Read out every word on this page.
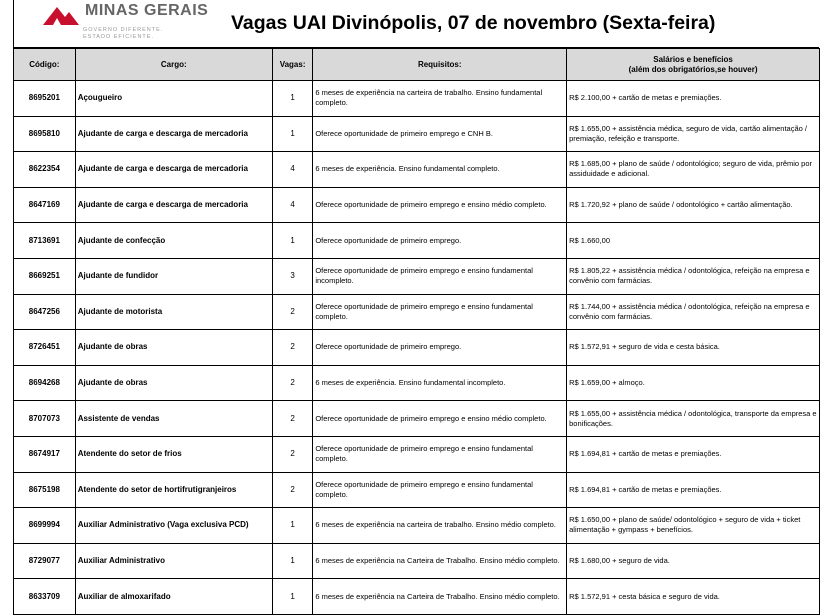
MINAS GERAIS
GOVERNO DIFERENTE.
ESTADO EFICIENTE.
Vagas UAI Divinópolis, 07 de novembro (Sexta-feira)
Código:	Cargo:	Vagas:	Requisitos:	Salários e benefícios
(além dos obrigatórios,se houver)
8695201	Açougueiro	1	6 meses de experiência na carteira de trabalho. Ensino fundamental completo.	R$ 2.100,00 + cartão de metas e premiações.
8695810	Ajudante de carga e descarga de mercadoria	1	Oferece oportunidade de primeiro emprego e CNH B.	R$ 1.655,00 + assistência médica, seguro de vida, cartão alimentação / premiação, refeição e transporte.
8622354	Ajudante de carga e descarga de mercadoria	4	6 meses de experiência. Ensino fundamental completo.	R$ 1.685,00 + plano de saúde / odontológico; seguro de vida, prêmio por assiduidade e adicional.
8647169	Ajudante de carga e descarga de mercadoria	4	Oferece oportunidade de primeiro emprego e ensino médio completo.	R$ 1.720,92 + plano de saúde / odontológico + cartão alimentação.
8713691	Ajudante de confecção	1	Oferece oportunidade de primeiro emprego.	R$ 1.660,00
8669251	Ajudante de fundidor	3	Oferece oportunidade de primeiro emprego e ensino fundamental incompleto.	R$ 1.805,22 + assistência médica / odontológica, refeição na empresa e convênio com farmácias.
8647256	Ajudante de motorista	2	Oferece oportunidade de primeiro emprego e ensino fundamental completo.	R$ 1.744,00 + assistência médica / odontológica, refeição na empresa e convênio com farmácias.
8726451	Ajudante de obras	2	Oferece oportunidade de primeiro emprego.	R$ 1.572,91 + seguro de vida e cesta básica.
8694268	Ajudante de obras	2	6 meses de experiência. Ensino fundamental incompleto.	R$ 1.659,00 + almoço.
8707073	Assistente de vendas	2	Oferece oportunidade de primeiro emprego e ensino médio completo.	R$ 1.655,00 + assistência médica / odontológica, transporte da empresa e bonificações.
8674917	Atendente do setor de frios	2	Oferece oportunidade de primeiro emprego e ensino fundamental completo.	R$ 1.694,81 + cartão de metas e premiações.
8675198	Atendente do setor de hortifrutigranjeiros	2	Oferece oportunidade de primeiro emprego e ensino fundamental completo.	R$ 1.694,81 + cartão de metas e premiações.
8699994	Auxiliar Administrativo (Vaga exclusiva PCD)	1	6 meses de experiência na carteira de trabalho. Ensino médio completo.	R$ 1.650,00 + plano de saúde/ odontológico + seguro de vida + ticket alimentação + gympass + benefícios.
8729077	Auxiliar Administrativo	1	6 meses de experiência na Carteira de Trabalho. Ensino médio completo.	R$ 1.680,00 + seguro de vida.
8633709	Auxiliar de almoxarifado	1	6 meses de experiência na Carteira de Trabalho. Ensino médio completo.	R$ 1.572,91 + cesta básica e seguro de vida.
